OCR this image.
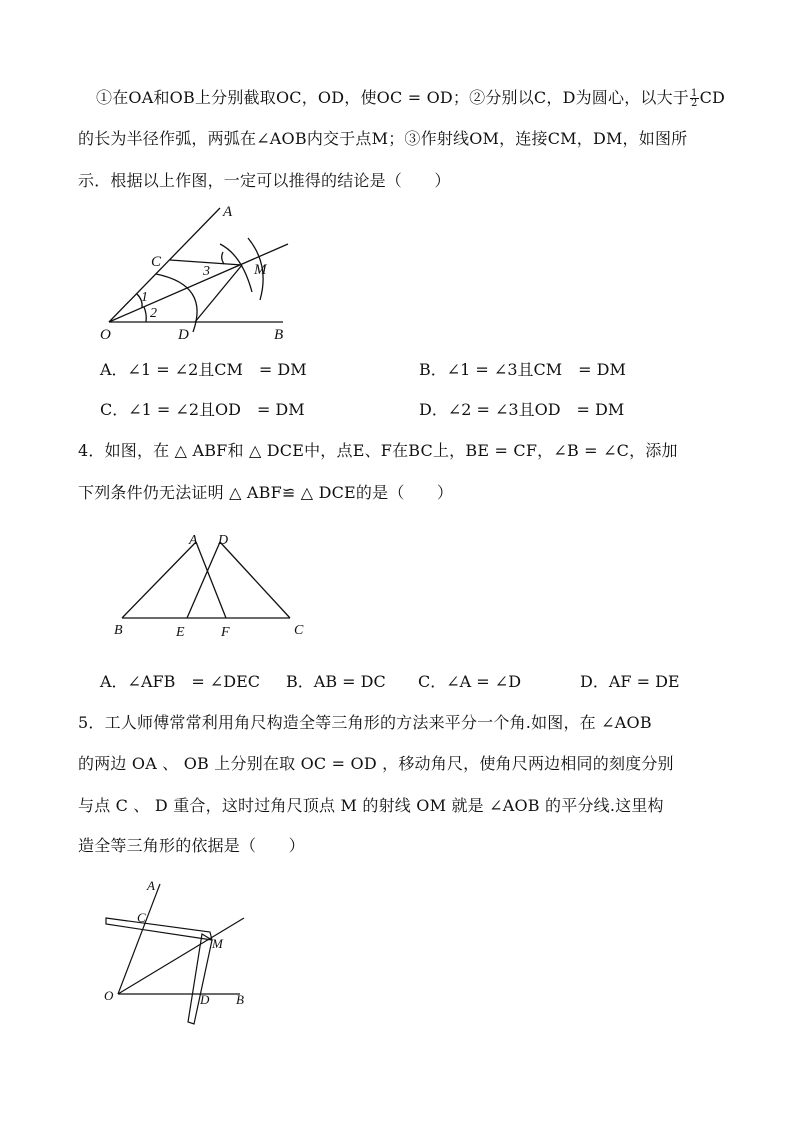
①在OA和OB上分别截取OC，OD，使OC = OD；②分别以C，D为圆心，以大于 $\frac{1}{2}$ CD
的长为半径作弧，两弧在∠AOB内交于点M；③作射线OM，连接CM，DM，如图所
示．根据以上作图，一定可以推得的结论是（　　）
A
C	M
O	D	B
1
2
3
A．∠1 = ∠2且CM　= DM	B．∠1 = ∠3且CM　= DM
C．∠1 = ∠2且OD　= DM	D．∠2 = ∠3且OD　= DM
4．如图，在 △ ABF和 △ DCE中，点E、F在BC上，BE = CF，∠B = ∠C，添加
下列条件仍无法证明 △ ABF≌ △ DCE的是（　　）
A D
B	E	F	C
A．∠AFB　= ∠DEC B．AB = DC C．∠A = ∠D	D．AF = DE
5．工人师傅常常利用角尺构造全等三角形的方法来平分一个角.如图，在 ∠AOB
的两边 OA 、 OB 上分别在取 OC = OD ，移动角尺，使角尺两边相同的刻度分别
与点 C 、 D 重合，这时过角尺顶点 M 的射线 OM 就是 ∠AOB 的平分线.这里构
造全等三角形的依据是（　　）
A
C
M
O	D B
